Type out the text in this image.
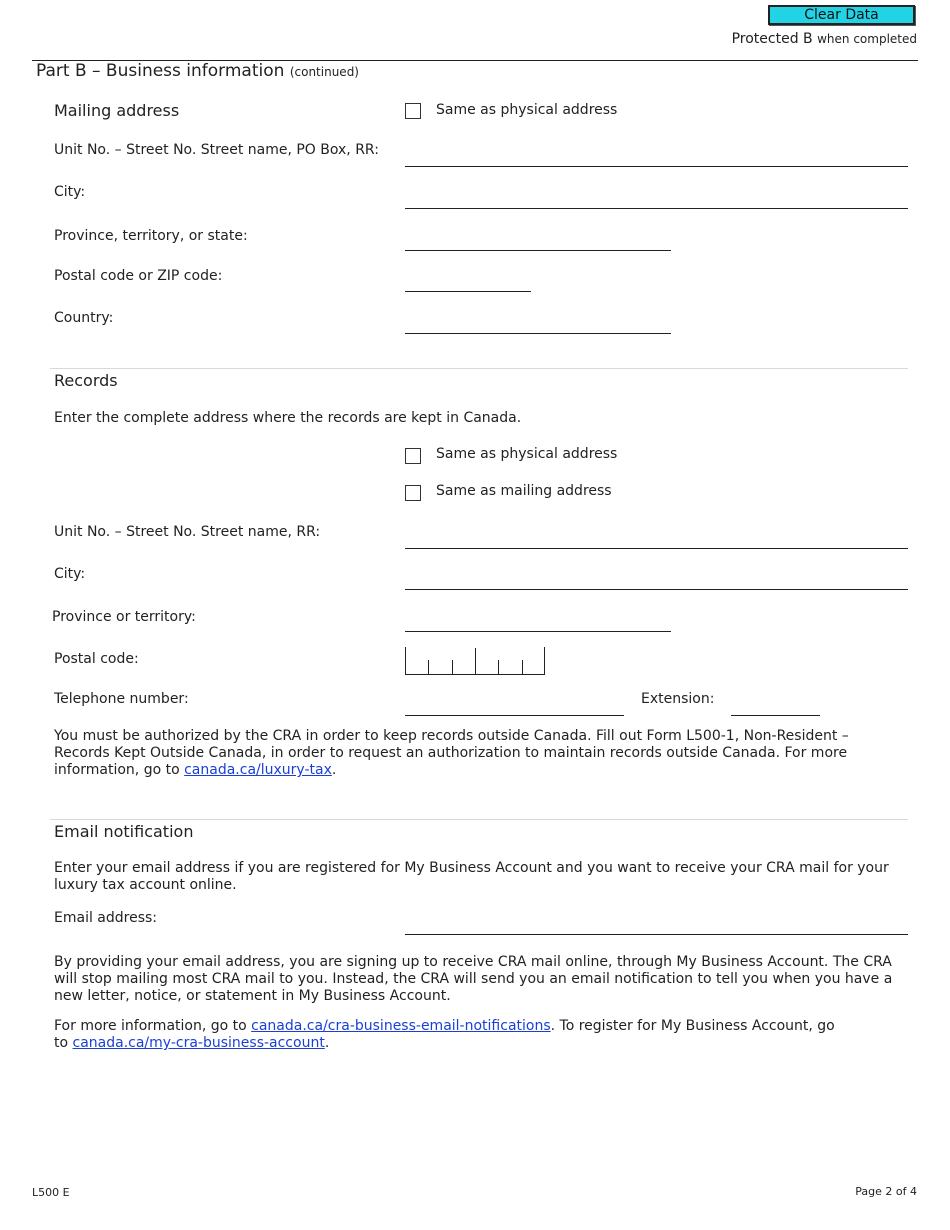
Clear Data
Protected B when completed
Part B – Business information (continued)
Mailing address	Same as physical address
Unit No. – Street No. Street name, PO Box, RR:
City:
Province, territory, or state:
Postal code or ZIP code:
Country:
Records
Enter the complete address where the records are kept in Canada.
Same as physical address
Same as mailing address
Unit No. – Street No. Street name, RR:
City:
Province or territory:
Postal code:
Telephone number:	Extension:
You must be authorized by the CRA in order to keep records outside Canada. Fill out Form L500-1, Non-Resident – Records Kept Outside Canada, in order to request an authorization to maintain records outside Canada. For more information, go to canada.ca/luxury-tax.
Email notification
Enter your email address if you are registered for My Business Account and you want to receive your CRA mail for your luxury tax account online.
Email address:
By providing your email address, you are signing up to receive CRA mail online, through My Business Account. The CRA will stop mailing most CRA mail to you. Instead, the CRA will send you an email notification to tell you when you have a new letter, notice, or statement in My Business Account.
For more information, go to canada.ca/cra-business-email-notifications. To register for My Business Account, go to canada.ca/my-cra-business-account.
L500 E	Page 2 of 4
